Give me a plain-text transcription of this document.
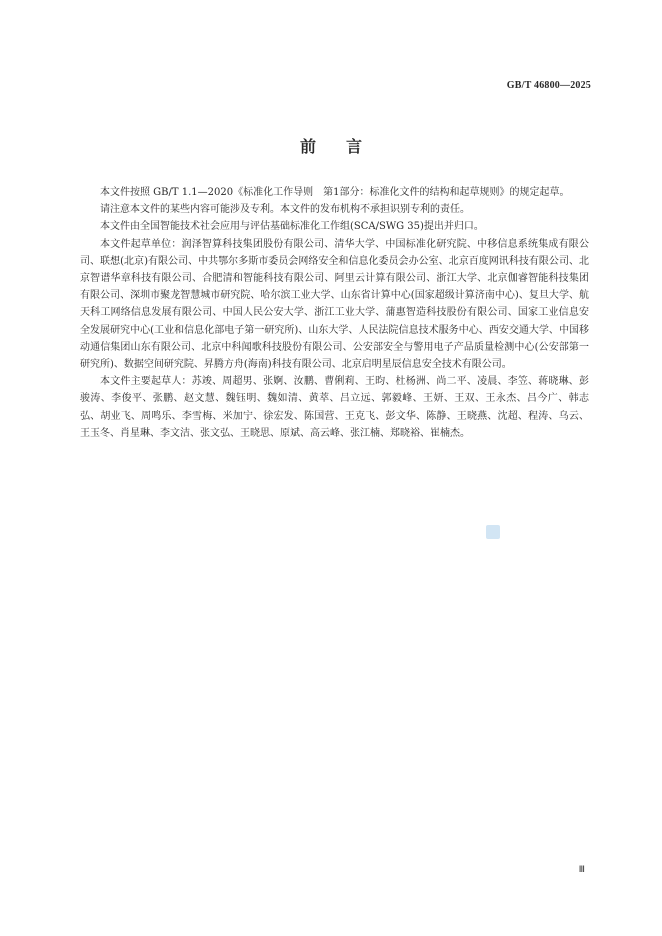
GB/T 46800—2025
前言

本文件按照 GB/T 1.1—2020《标准化工作导则　第1部分：标准化文件的结构和起草规则》的规定起草。

请注意本文件的某些内容可能涉及专利。本文件的发布机构不承担识别专利的责任。

本文件由全国智能技术社会应用与评估基础标准化工作组(SCA/SWG 35)提出并归口。

本文件起草单位：润泽智算科技集团股份有限公司、清华大学、中国标准化研究院、中移信息系统集成有限公司、联想(北京)有限公司、中共鄂尔多斯市委员会网络安全和信息化委员会办公室、北京百度网讯科技有限公司、北京智谱华章科技有限公司、合肥清和智能科技有限公司、阿里云计算有限公司、浙江大学、北京伽睿智能科技集团有限公司、深圳市聚龙智慧城市研究院、哈尔滨工业大学、山东省计算中心(国家超级计算济南中心)、复旦大学、航天科工网络信息发展有限公司、中国人民公安大学、浙江工业大学、蒲惠智造科技股份有限公司、国家工业信息安全发展研究中心(工业和信息化部电子第一研究所)、山东大学、人民法院信息技术服务中心、西安交通大学、中国移动通信集团山东有限公司、北京中科闻歌科技股份有限公司、公安部安全与警用电子产品质量检测中心(公安部第一研究所)、数据空间研究院、昇腾方舟(海南)科技有限公司、北京启明星辰信息安全技术有限公司。

本文件主要起草人：苏竣、周超男、张婀、汝鹏、曹俐莉、王昀、杜杨洲、尚二平、凌晨、李笠、蒋晓琳、彭骏涛、李俊平、张鹏、赵文慧、魏钰明、魏如清、黄萃、吕立远、郭毅峰、王妍、王双、王永杰、吕今广、韩志弘、胡业飞、周鸣乐、李雪梅、米加宁、徐宏发、陈国营、王克飞、彭文华、陈静、王晓燕、沈超、程涛、乌云、王玉冬、肖星琳、李文洁、张文弘、王晓思、原斌、高云峰、张江楠、郑晓裕、崔楠杰。

Ⅲ
